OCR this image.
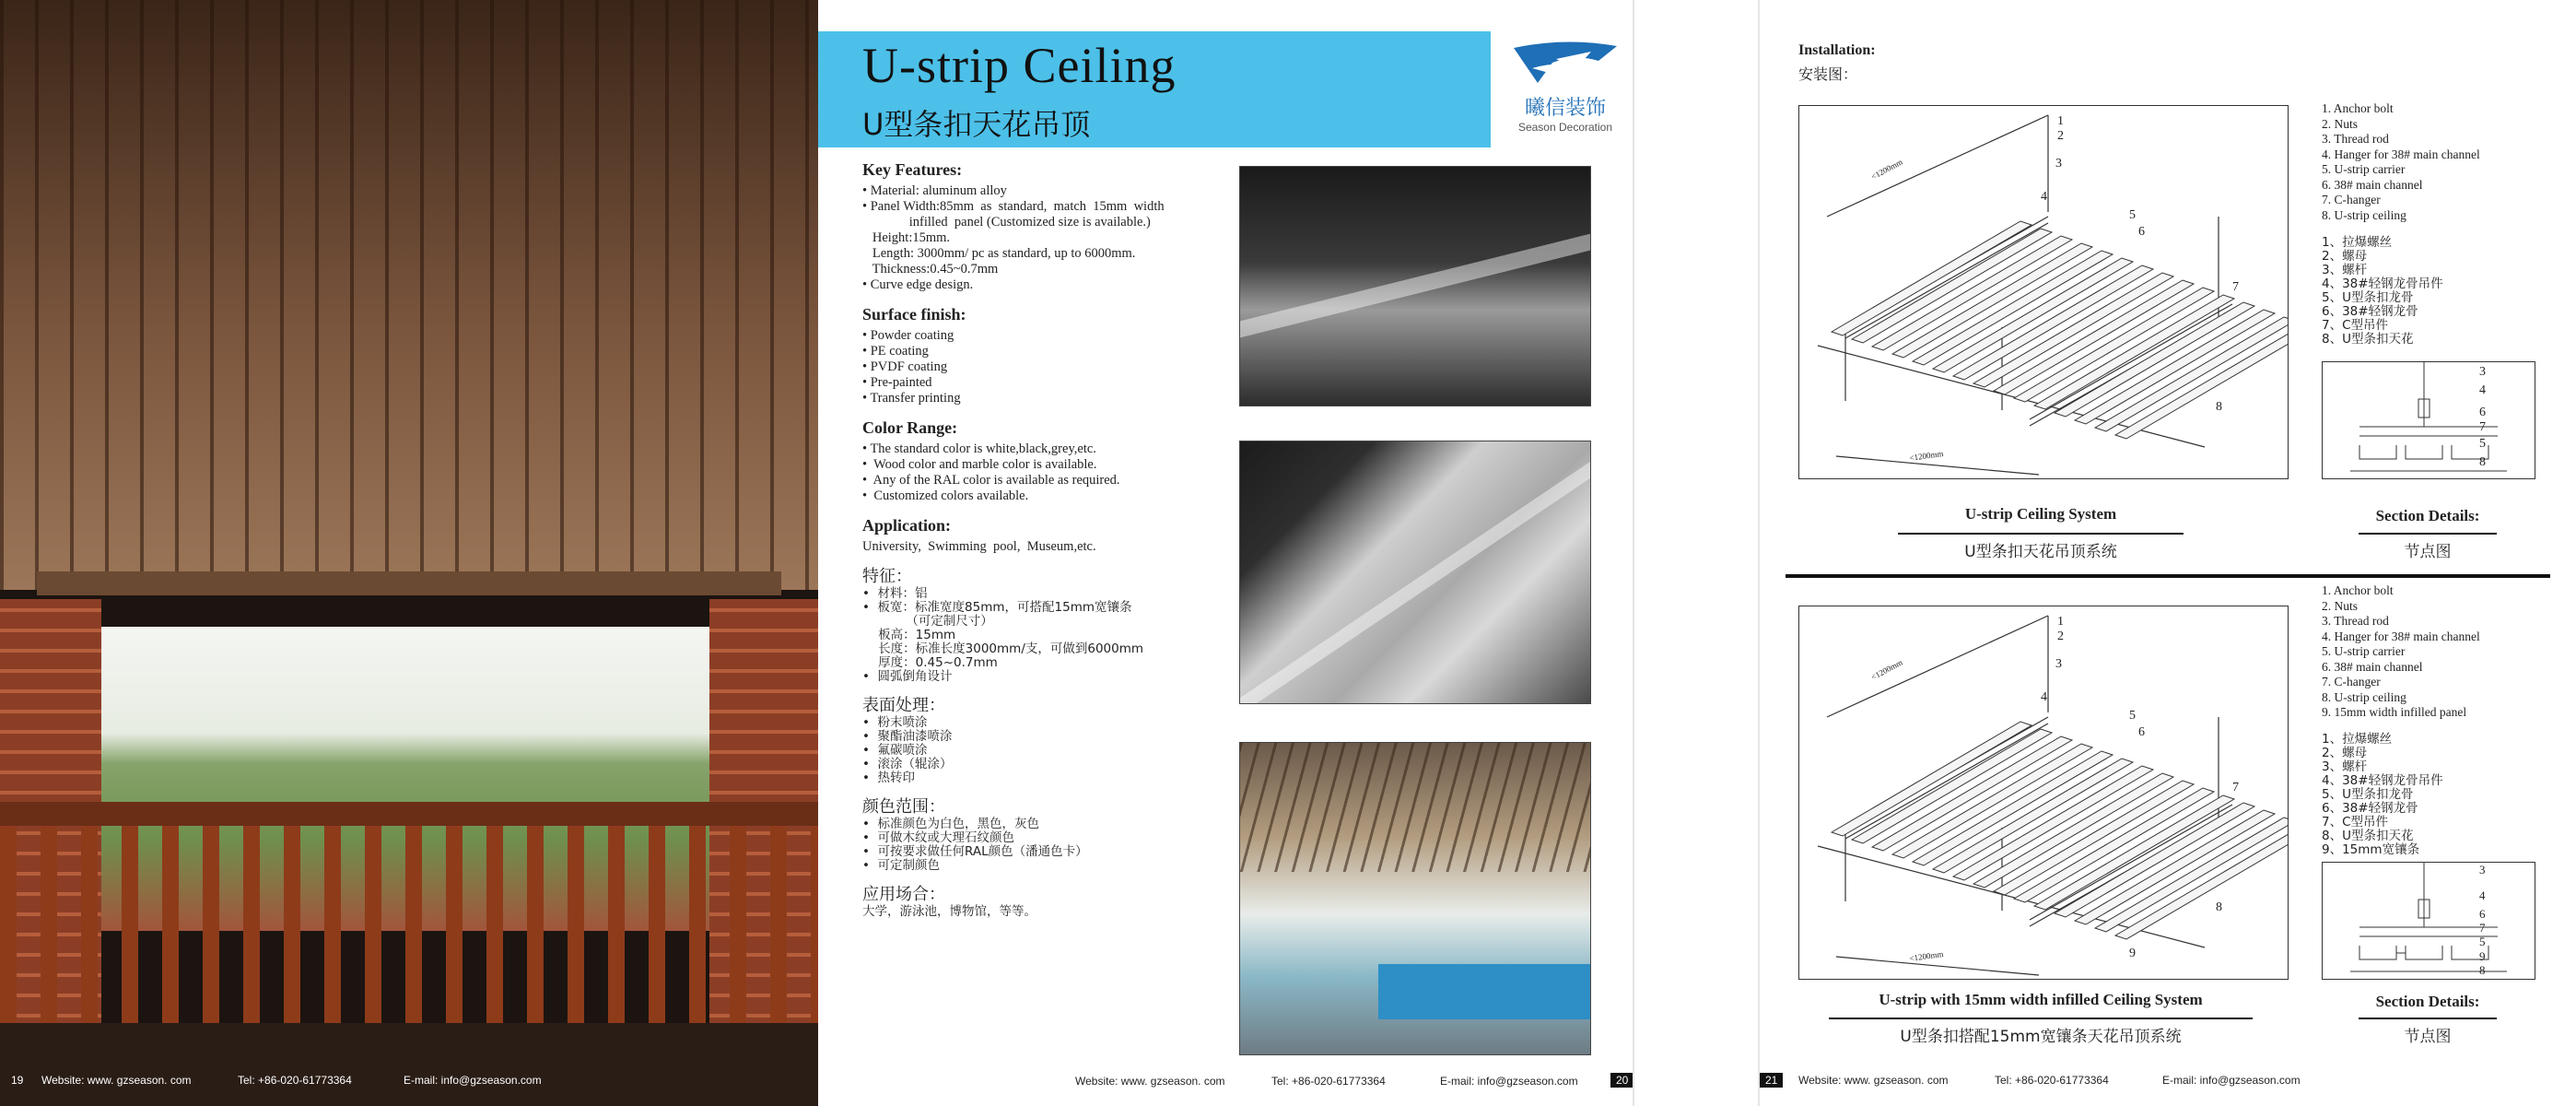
19	Website: www. gzseason. com	Tel: +86-020-61773364	E-mail: info@gzseason.com
U-strip Ceiling
U型条扣天花吊顶	曦信装饰
Season Decoration
Key Features:
• Material: aluminum alloy
• Panel Width:85mm  as  standard,  match  15mm  width
infilled  panel (Customized size is available.)
Height:15mm.
Length: 3000mm/ pc as standard, up to 6000mm.
Thickness:0.45~0.7mm
• Curve edge design.
Surface finish:
• Powder coating
• PE coating
• PVDF coating
• Pre-painted
• Transfer printing
Color Range:
• The standard color is white,black,grey,etc.
•  Wood color and marble color is available.
•  Any of the RAL color is available as required.
•  Customized colors available.
Application:
University,  Swimming  pool,  Museum,etc.
特征：
•  材料：铝
•  板宽：标准宽度85mm，可搭配15mm宽镶条
（可定制尺寸）
板高：15mm
长度：标准长度3000mm/支，可做到6000mm
厚度：0.45~0.7mm
•  圆弧倒角设计
表面处理：
•  粉末喷涂
•  聚酯油漆喷涂
•  氟碳喷涂
•  滚涂（辊涂）
•  热转印
颜色范围：
•  标准颜色为白色，黑色，灰色
•  可做木纹或大理石纹颜色
•  可按要求做任何RAL颜色（潘通色卡）
•  可定制颜色
应用场合：
大学，游泳池，博物馆，等等。
Website: www. gzseason. com	Tel: +86-020-61773364	E-mail: info@gzseason.com	20
Installation:
安装图：
1
2
3
4
5
6
7
8
<1200mm
<1200mm
3
4
6
7
5
8
1. Anchor bolt
2. Nuts
3. Thread rod
4. Hanger for 38# main channel
5. U-strip carrier
6. 38# main channel
7. C-hanger
8. U-strip ceiling
1、拉爆螺丝
2、螺母
3、螺杆
4、38#轻钢龙骨吊件
5、U型条扣龙骨
6、38#轻钢龙骨
7、C型吊件
8、U型条扣天花
U-strip Ceiling System
U型条扣天花吊顶系统
Section Details:
节点图
1
2
3
4
5
6
7
8
9
<1200mm
<1200mm
3
4
6
7
5
9
8
1. Anchor bolt
2. Nuts
3. Thread rod
4. Hanger for 38# main channel
5. U-strip carrier
6. 38# main channel
7. C-hanger
8. U-strip ceiling
9. 15mm width infilled panel
1、拉爆螺丝
2、螺母
3、螺杆
4、38#轻钢龙骨吊件
5、U型条扣龙骨
6、38#轻钢龙骨
7、C型吊件
8、U型条扣天花
9、15mm宽镶条
U-strip with 15mm width infilled Ceiling System
U型条扣搭配15mm宽镶条天花吊顶系统
Section Details:
节点图
21	Website: www. gzseason. com	Tel: +86-020-61773364	E-mail: info@gzseason.com
